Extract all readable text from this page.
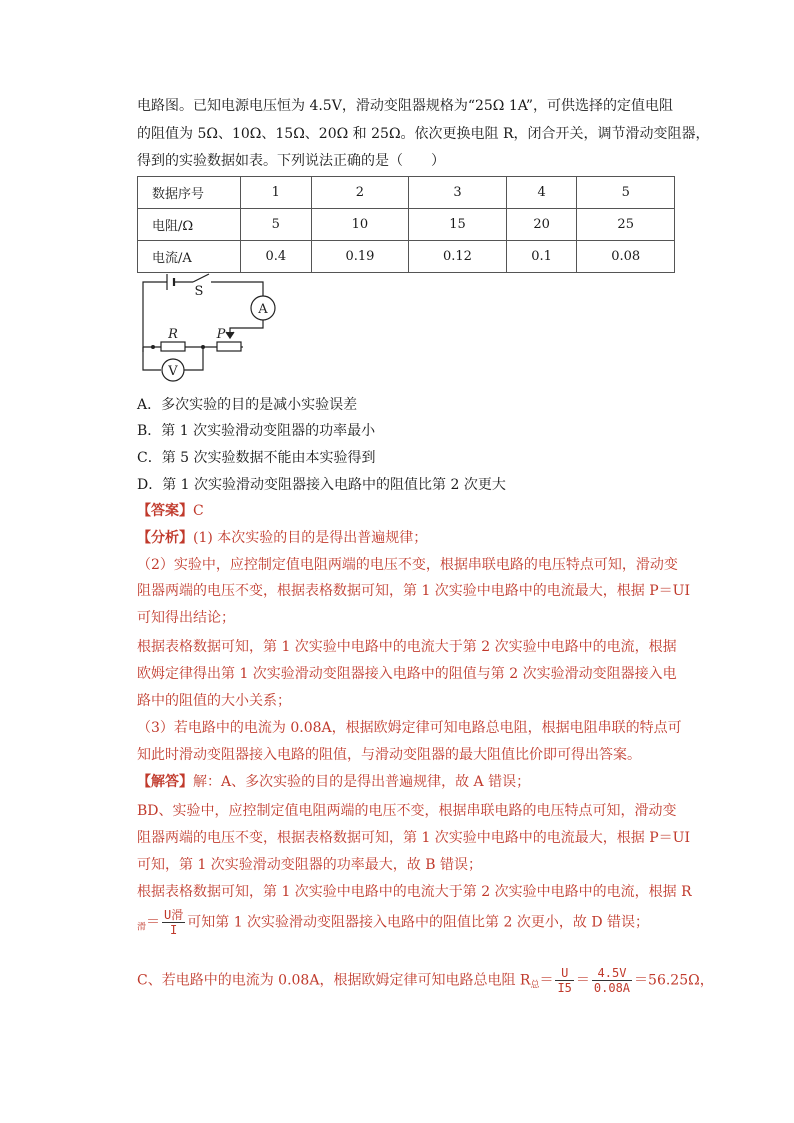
电路图。已知电源电压恒为 4.5V，滑动变阻器规格为“25Ω 1A”，可供选择的定值电阻
的阻值为 5Ω、10Ω、15Ω、20Ω 和 25Ω。依次更换电阻 R，闭合开关，调节滑动变阻器，
得到的实验数据如表。下列说法正确的是（　　）
数据序号	1	2	3	4	5
电阻/Ω	5	10	15	20	25
电流/A	0.4	0.19	0.12	0.1	0.08
S
A
V
R	P
A．多次实验的目的是减小实验误差
B．第 1 次实验滑动变阻器的功率最小
C．第 5 次实验数据不能由本实验得到
D．第 1 次实验滑动变阻器接入电路中的阻值比第 2 次更大
【答案】C
【分析】(1) 本次实验的目的是得出普遍规律；
（2）实验中，应控制定值电阻两端的电压不变，根据串联电路的电压特点可知，滑动变
阻器两端的电压不变，根据表格数据可知，第 1 次实验中电路中的电流最大，根据 P＝UI
可知得出结论；
根据表格数据可知，第 1 次实验中电路中的电流大于第 2 次实验中电路中的电流，根据
欧姆定律得出第 1 次实验滑动变阻器接入电路中的阻值与第 2 次实验滑动变阻器接入电
路中的阻值的大小关系；
（3）若电路中的电流为 0.08A，根据欧姆定律可知电路总电阻，根据电阻串联的特点可
知此时滑动变阻器接入电路的阻值，与滑动变阻器的最大阻值比价即可得出答案。
【解答】解：A、多次实验的目的是得出普遍规律，故 A 错误；
BD、实验中，应控制定值电阻两端的电压不变，根据串联电路的电压特点可知，滑动变
阻器两端的电压不变，根据表格数据可知，第 1 次实验中电路中的电流最大，根据 P＝UI
可知，第 1 次实验滑动变阻器的功率最大，故 B 错误；
根据表格数据可知，第 1 次实验中电路中的电流大于第 2 次实验中电路中的电流，根据 R
$_滑= \frac{\text{U滑}}{I}$ 可知第 1 次实验滑动变阻器接入电路中的阻值比第 2 次更小，故 D 错误；
C、若电路中的电流为 0.08A，根据欧姆定律可知电路总电阻 $R_总= \frac{U}{I5} = \frac{4.5V}{0.08A} =56.25\Omega$，
